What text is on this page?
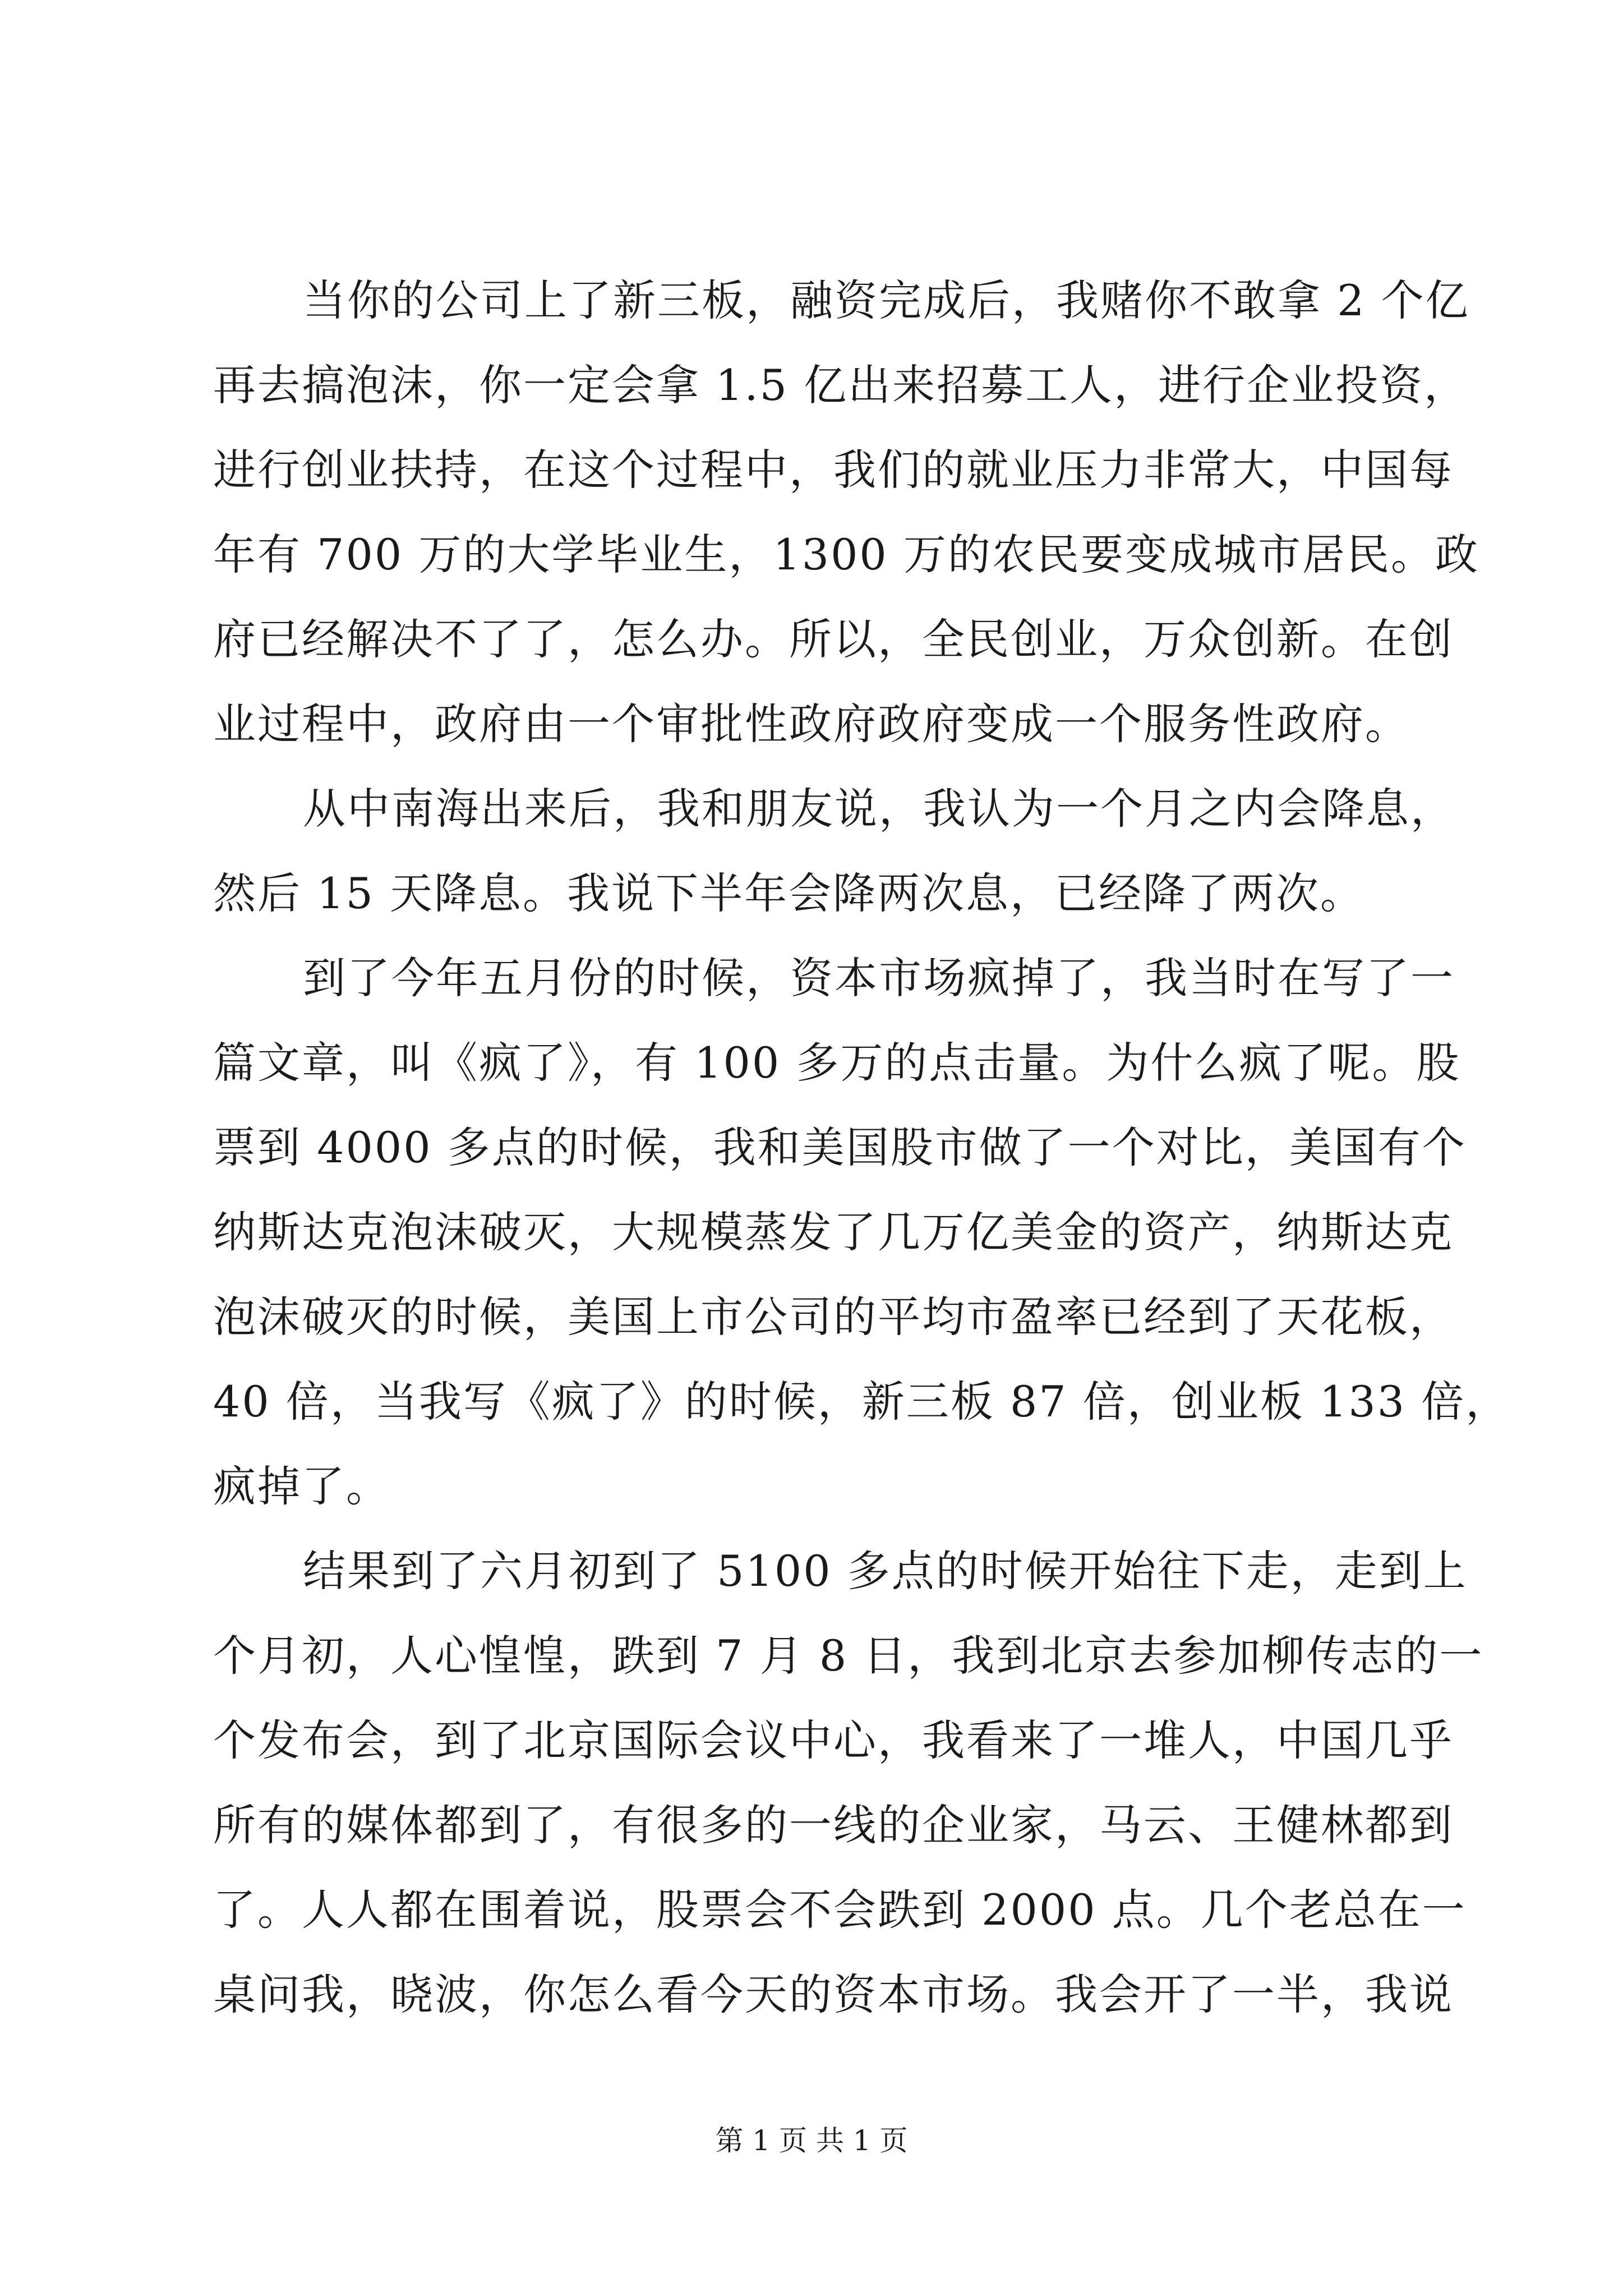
当你的公司上了新三板，融资完成后，我赌你不敢拿 2 个亿
再去搞泡沫，你一定会拿 1.5 亿出来招募工人，进行企业投资，
进行创业扶持，在这个过程中，我们的就业压力非常大，中国每
年有 700 万的大学毕业生，1300 万的农民要变成城市居民。政
府已经解决不了了，怎么办。所以，全民创业，万众创新。在创
业过程中，政府由一个审批性政府政府变成一个服务性政府。
从中南海出来后，我和朋友说，我认为一个月之内会降息，
然后 15 天降息。我说下半年会降两次息，已经降了两次。
到了今年五月份的时候，资本市场疯掉了，我当时在写了一
篇文章，叫《疯了》，有 100 多万的点击量。为什么疯了呢。股
票到 4000 多点的时候，我和美国股市做了一个对比，美国有个
纳斯达克泡沫破灭，大规模蒸发了几万亿美金的资产，纳斯达克
泡沫破灭的时候，美国上市公司的平均市盈率已经到了天花板，
40 倍，当我写《疯了》的时候，新三板 87 倍，创业板 133 倍，
疯掉了。
结果到了六月初到了 5100 多点的时候开始往下走，走到上
个月初，人心惶惶，跌到 7 月 8 日，我到北京去参加柳传志的一
个发布会，到了北京国际会议中心，我看来了一堆人，中国几乎
所有的媒体都到了，有很多的一线的企业家，马云、王健林都到
了。人人都在围着说，股票会不会跌到 2000 点。几个老总在一
桌问我，晓波，你怎么看今天的资本市场。我会开了一半，我说
第 1 页 共 1 页
